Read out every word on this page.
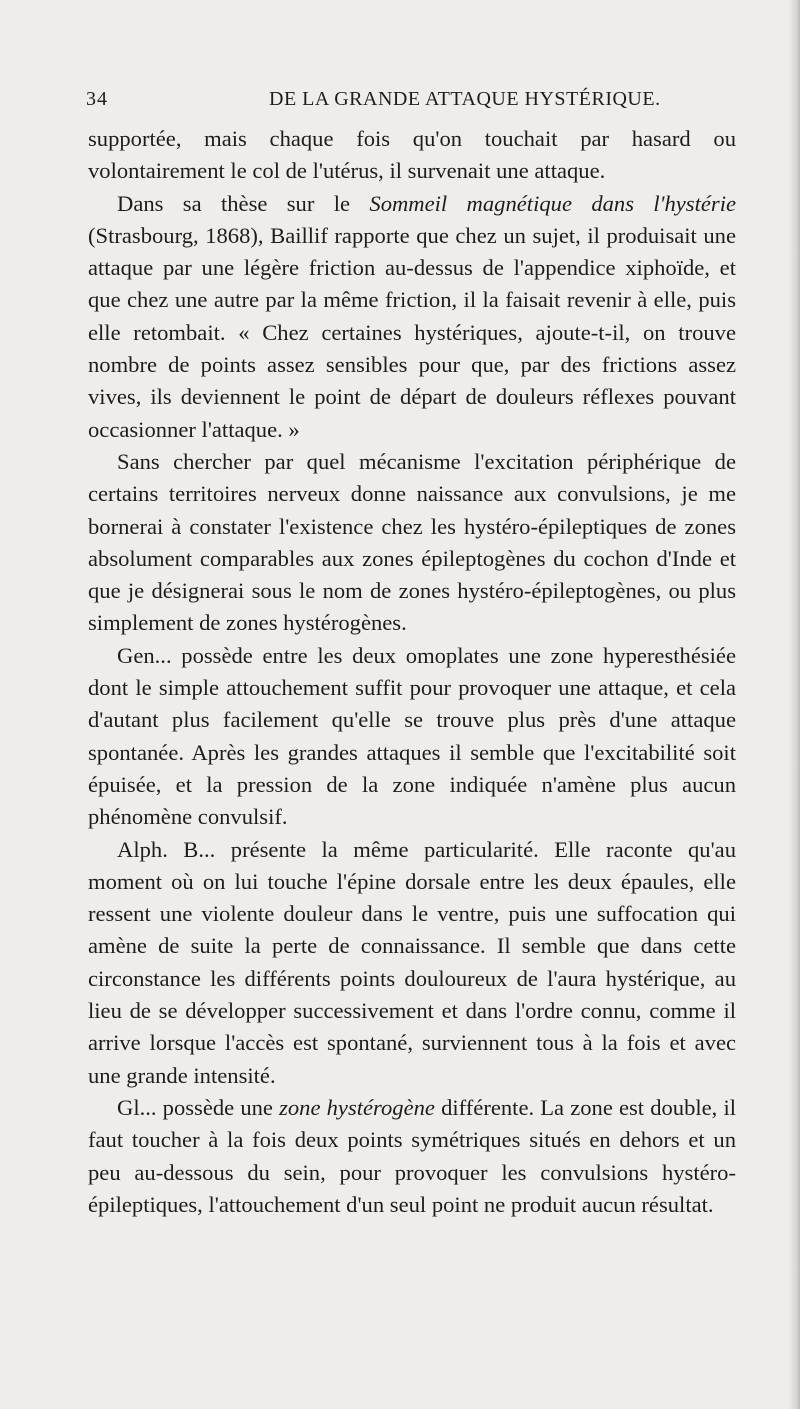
34	DE LA GRANDE ATTAQUE HYSTÉRIQUE.

supportée, mais chaque fois qu'on touchait par hasard ou volontairement le col de l'utérus, il survenait une attaque.

Dans sa thèse sur le Sommeil magnétique dans l'hystérie (Strasbourg, 1868), Baillif rapporte que chez un sujet, il produisait une attaque par une légère friction au-dessus de l'appendice xiphoïde, et que chez une autre par la même friction, il la faisait revenir à elle, puis elle retombait. « Chez certaines hystériques, ajoute-t-il, on trouve nombre de points assez sensibles pour que, par des frictions assez vives, ils deviennent le point de départ de douleurs réflexes pouvant occasionner l'attaque. »

Sans chercher par quel mécanisme l'excitation périphérique de certains territoires nerveux donne naissance aux convulsions, je me bornerai à constater l'existence chez les hystéro-épileptiques de zones absolument comparables aux zones épileptogènes du cochon d'Inde et que je désignerai sous le nom de zones hystéro-épileptogènes, ou plus simplement de zones hystérogènes.

Gen... possède entre les deux omoplates une zone hyperesthésiée dont le simple attouchement suffit pour provoquer une attaque, et cela d'autant plus facilement qu'elle se trouve plus près d'une attaque spontanée. Après les grandes attaques il semble que l'excitabilité soit épuisée, et la pression de la zone indiquée n'amène plus aucun phénomène convulsif.

Alph. B... présente la même particularité. Elle raconte qu'au moment où on lui touche l'épine dorsale entre les deux épaules, elle ressent une violente douleur dans le ventre, puis une suffocation qui amène de suite la perte de connaissance. Il semble que dans cette circonstance les différents points douloureux de l'aura hystérique, au lieu de se développer successivement et dans l'ordre connu, comme il arrive lorsque l'accès est spontané, surviennent tous à la fois et avec une grande intensité.

Gl... possède une zone hystérogène différente. La zone est double, il faut toucher à la fois deux points symétriques situés en dehors et un peu au-dessous du sein, pour provoquer les convulsions hystéro-épileptiques, l'attouchement d'un seul point ne produit aucun résultat.
